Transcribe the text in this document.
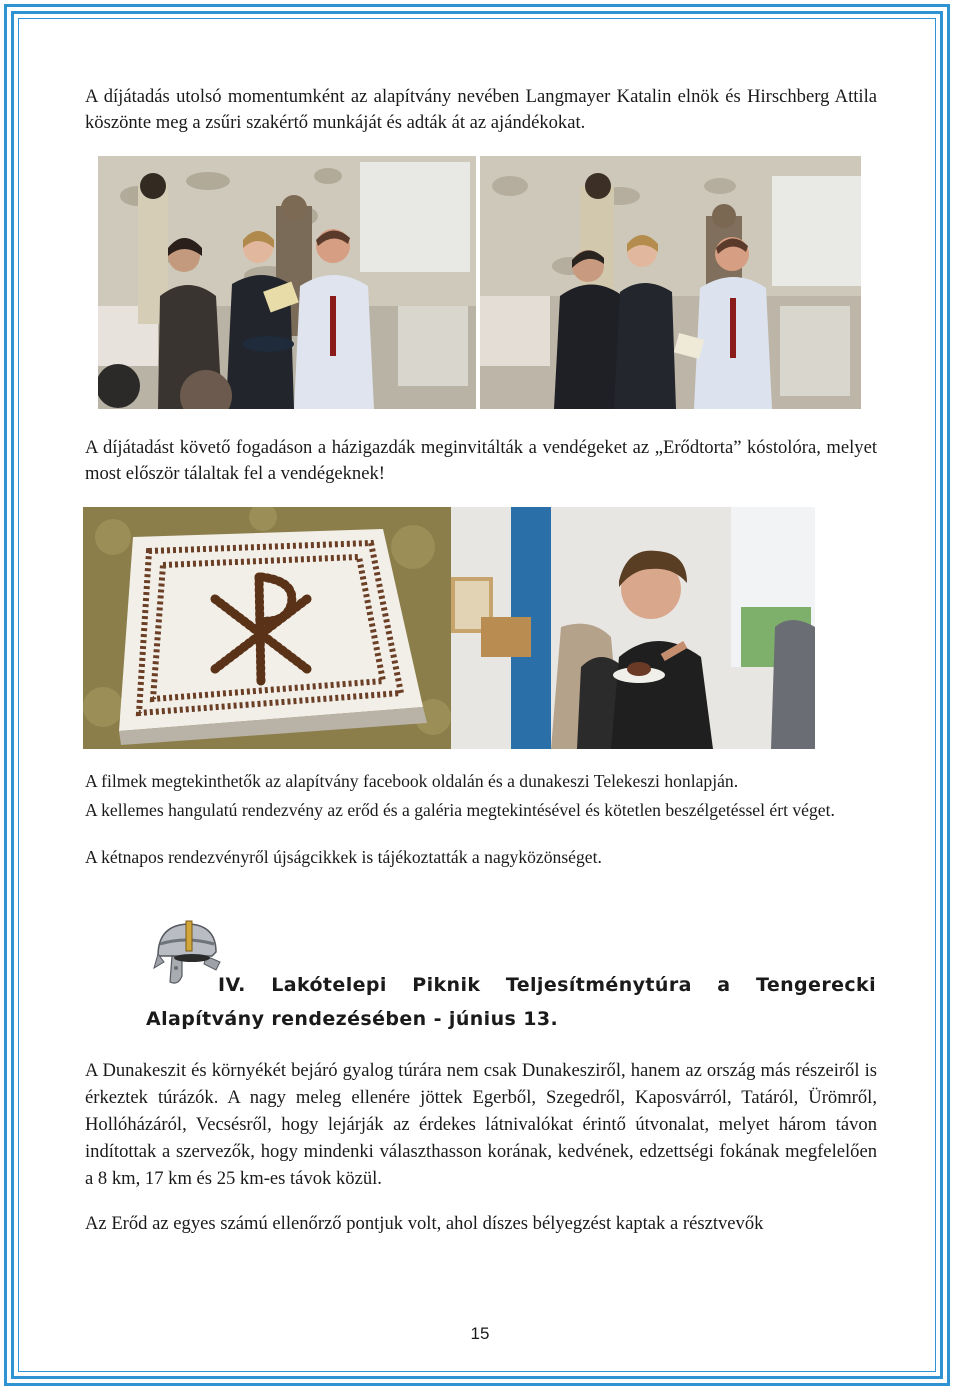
A díjátadás utolsó momentumként az alapítvány nevében Langmayer Katalin elnök és Hirschberg Attila köszönte meg a zsűri szakértő munkáját és adták át az ajándékokat.

A díjátadást követő fogadáson a házigazdák meginvitálták a vendégeket az „Erődtorta” kóstolóra, melyet most először tálaltak fel a vendégeknek!

A filmek megtekinthetők az alapítvány facebook oldalán és a dunakeszi Telekeszi honlapján.

A kellemes hangulatú rendezvény az erőd és a galéria megtekintésével és kötetlen beszélgetéssel ért véget.

A kétnapos rendezvényről újságcikkek is tájékoztatták a nagyközönséget.

IV. Lakótelepi Piknik Teljesítménytúra a Tengerecki
Alapítvány rendezésében - június 13.

A Dunakeszit és környékét bejáró gyalog túrára nem csak Dunakesziről, hanem az ország más részeiről is érkeztek túrázók. A nagy meleg ellenére jöttek Egerből, Szegedről, Kaposvárról, Tatáról, Ürömről, Hollóházáról, Vecsésről, hogy lejárják az érdekes látnivalókat érintő útvonalat, melyet három távon indítottak a szervezők, hogy mindenki választhasson korának, kedvének, edzettségi fokának megfelelően a 8 km, 17 km és 25 km-es távok közül.

Az Erőd az egyes számú ellenőrző pontjuk volt, ahol díszes bélyegzést kaptak a résztvevők

15
